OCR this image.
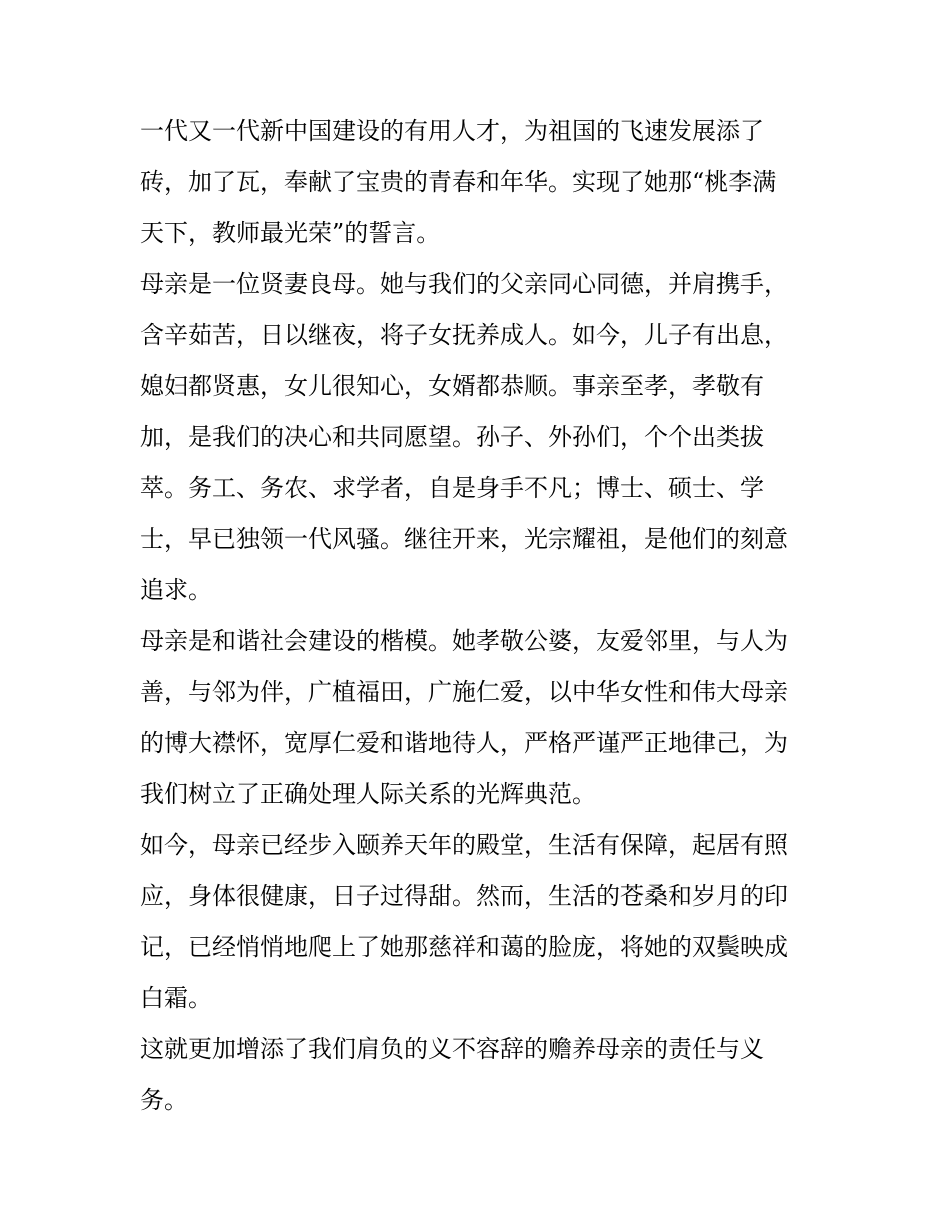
一代又一代新中国建设的有用人才，为祖国的飞速发展添了
砖，加了瓦，奉献了宝贵的青春和年华。实现了她那“桃李满
天下，教师最光荣”的誓言。
母亲是一位贤妻良母。她与我们的父亲同心同德，并肩携手，
含辛茹苦，日以继夜，将子女抚养成人。如今，儿子有出息，
媳妇都贤惠，女儿很知心，女婿都恭顺。事亲至孝，孝敬有
加，是我们的决心和共同愿望。孙子、外孙们，个个出类拔
萃。务工、务农、求学者，自是身手不凡；博士、硕士、学
士，早已独领一代风骚。继往开来，光宗耀祖，是他们的刻意
追求。
母亲是和谐社会建设的楷模。她孝敬公婆，友爱邻里，与人为
善，与邻为伴，广植福田，广施仁爱，以中华女性和伟大母亲
的博大襟怀，宽厚仁爱和谐地待人，严格严谨严正地律己，为
我们树立了正确处理人际关系的光辉典范。
如今，母亲已经步入颐养天年的殿堂，生活有保障，起居有照
应，身体很健康，日子过得甜。然而，生活的苍桑和岁月的印
记，已经悄悄地爬上了她那慈祥和蔼的脸庞，将她的双鬓映成
白霜。
这就更加增添了我们肩负的义不容辞的赡养母亲的责任与义
务。
